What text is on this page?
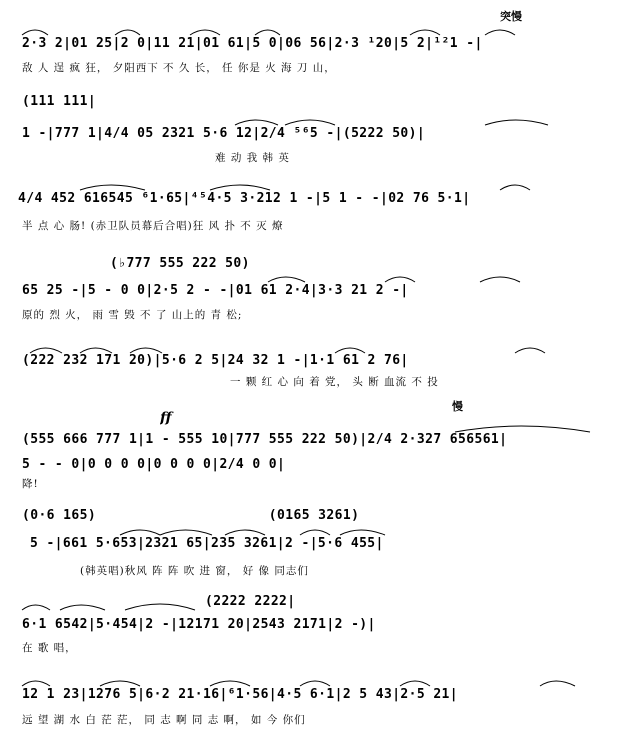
突慢
2·3 2|01 25|2 0|11 21|01 61|5 0|06 56|2·3 ¹20|5 2|¹²1 -|
敌 人 逞 疯 狂， 夕阳西下 不 久 长， 任 你是 火 海 刀 山，
(111 111|
1 -|777 1|4/4 05 2321 5·6 12|2/4 ⁵⁶5 -|(5222 50)|
难 动 我 韩 英
4/4 452 616545 ⁶1·65|⁴⁵4·5 3·212 1 -|5 1 - -|02 76 5·1|
半 点 心 肠! (赤卫队员幕后合唱)狂 风 扑 不 灭 燎
(♭777 555 222 50)
65 25 -|5 - 0 0|2·5 2 - -|01 61 2·4|3·3 21 2 -|
原的 烈 火， 雨 雪 毁 不 了 山上的 青 松;
(222 232 171 20)|5·6 2 5|24 32 1 -|1·1 61 2 76|
一 颗 红 心 向 着 党， 头 断 血流 不 投
慢
ff
(555 666 777 1|1 - 555 10|777 555 222 50)|2/4 2·327 656561|
5 - - 0|0 0 0 0|0 0 0 0|2/4 0 0|
降!
(0·6 165)                     (0165 3261)
5 -|661 5·653|2321 65|235 3261|2 -|5·6 455|
(韩英唱)秋风 阵 阵 吹 进 窗， 好 像 同志们
(2222 2222|
6·1 6542|5·454|2 -|12171 20|2543 2171|2 -)|
在 歌 唱，
12 1 23|1276 5|6·2 21·16|⁶1·56|4·5 6·1|2 5 43|2·5 21|
远 望 湖 水 白 茫 茫， 同 志 啊 同 志 啊， 如 今 你们
